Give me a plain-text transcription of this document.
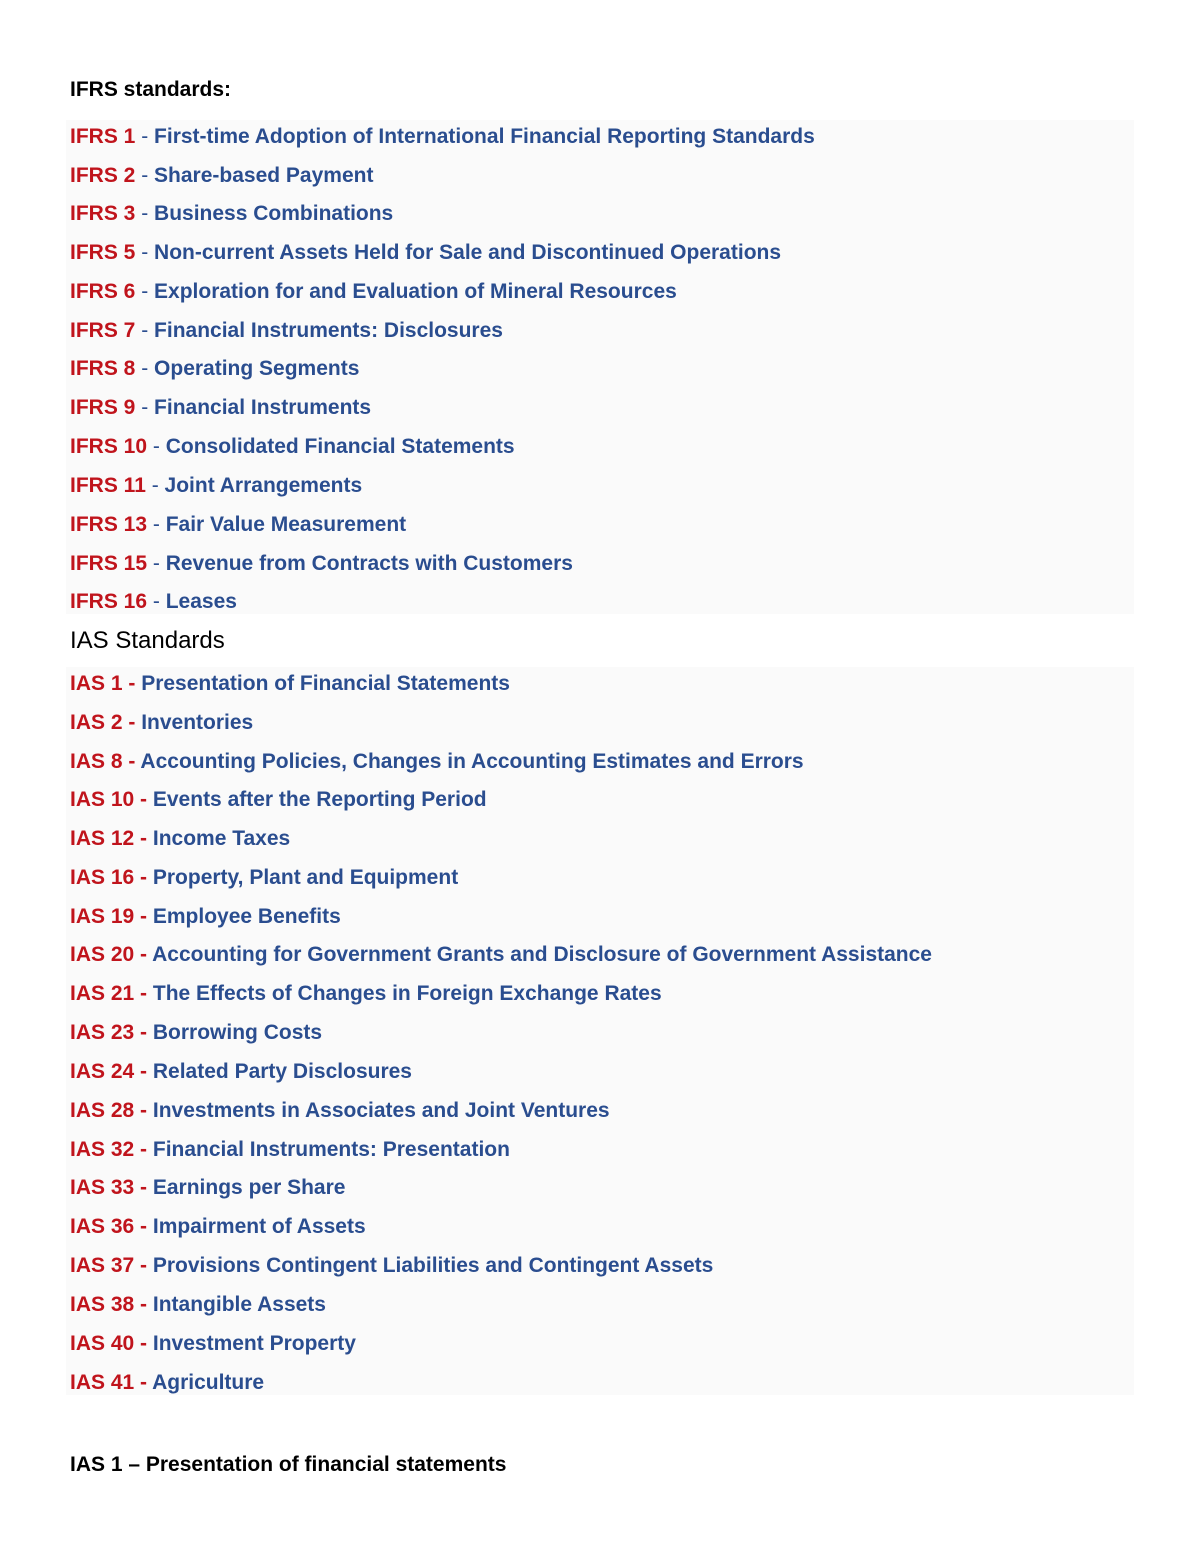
IFRS standards:
IFRS 1 - First-time Adoption of International Financial Reporting Standards
IFRS 2 - Share-based Payment
IFRS 3 - Business Combinations
IFRS 5 - Non-current Assets Held for Sale and Discontinued Operations
IFRS 6 - Exploration for and Evaluation of Mineral Resources
IFRS 7 - Financial Instruments: Disclosures
IFRS 8 - Operating Segments
IFRS 9 - Financial Instruments
IFRS 10 - Consolidated Financial Statements
IFRS 11 - Joint Arrangements
IFRS 13 - Fair Value Measurement
IFRS 15 - Revenue from Contracts with Customers
IFRS 16 - Leases
IAS Standards
IAS 1 - Presentation of Financial Statements
IAS 2 - Inventories
IAS 8 - Accounting Policies, Changes in Accounting Estimates and Errors
IAS 10 - Events after the Reporting Period
IAS 12 - Income Taxes
IAS 16 - Property, Plant and Equipment
IAS 19 - Employee Benefits
IAS 20 - Accounting for Government Grants and Disclosure of Government Assistance
IAS 21 - The Effects of Changes in Foreign Exchange Rates
IAS 23 - Borrowing Costs
IAS 24 - Related Party Disclosures
IAS 28 - Investments in Associates and Joint Ventures
IAS 32 - Financial Instruments: Presentation
IAS 33 - Earnings per Share
IAS 36 - Impairment of Assets
IAS 37 - Provisions Contingent Liabilities and Contingent Assets
IAS 38 - Intangible Assets
IAS 40 - Investment Property
IAS 41 - Agriculture
IAS 1 – Presentation of financial statements
